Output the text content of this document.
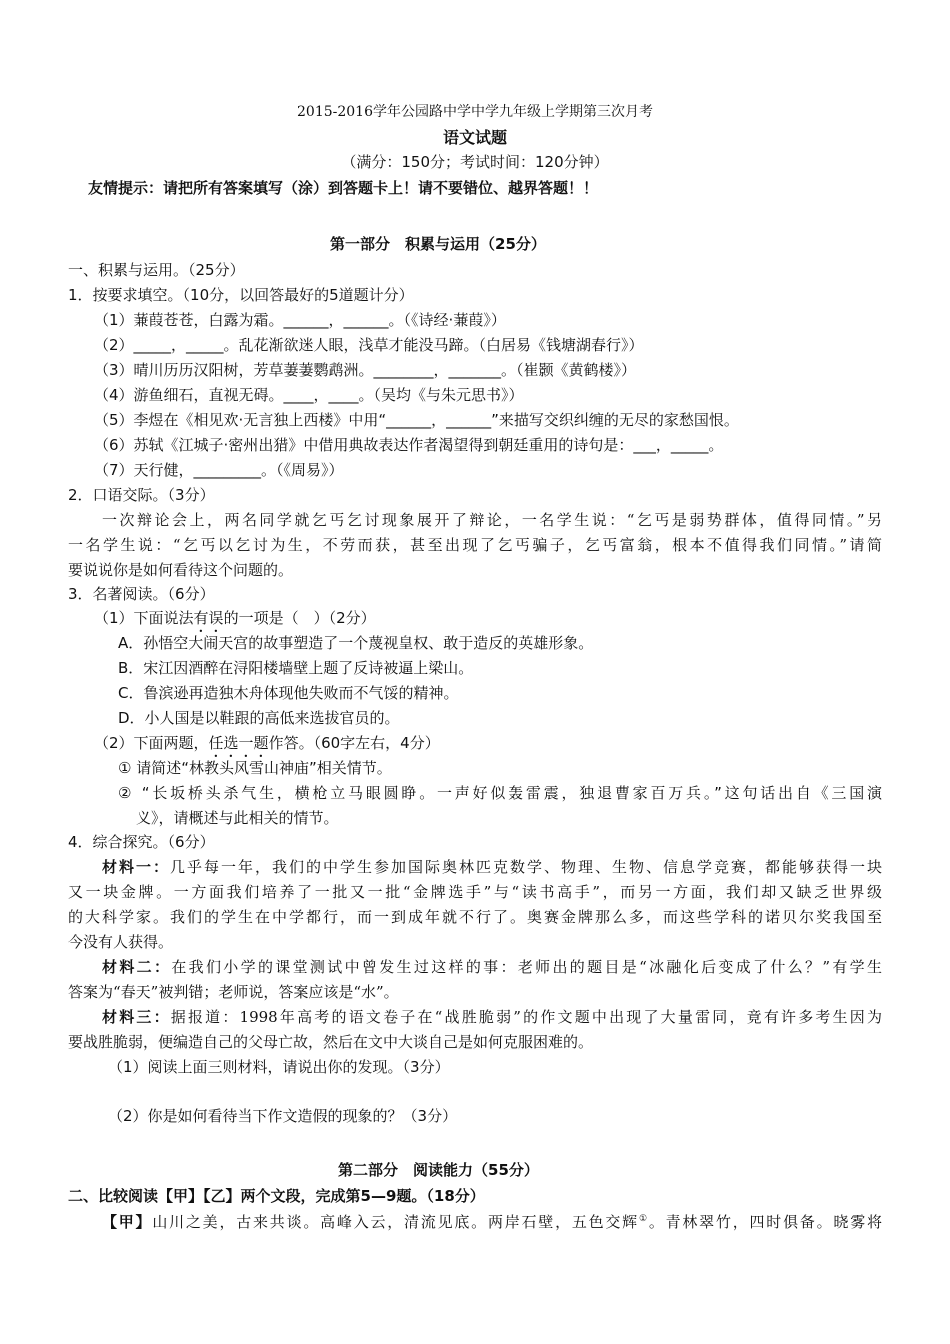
2015-2016学年公园路中学中学九年级上学期第三次月考
语文试题
（满分：150分；考试时间：120分钟）
友情提示：请把所有答案填写（涂）到答题卡上！请不要错位、越界答题！！
第一部分　积累与运用（25分）
一、积累与运用。（25分）
1．按要求填空。（10分，以回答最好的5道题计分）
（1）蒹葭苍苍，白露为霜。______，______。（《诗经·蒹葭》）
（2）_____，_____。乱花渐欲迷人眼，浅草才能没马蹄。（白居易《钱塘湖春行》）
（3）晴川历历汉阳树，芳草萋萋鹦鹉洲。________，_______。（崔颢《黄鹤楼》）
（4）游鱼细石，直视无碍。____，____。（吴均《与朱元思书》）
（5）李煜在《相见欢·无言独上西楼》中用“______，______”来描写交织纠缠的无尽的家愁国恨。
（6）苏轼《江城子·密州出猎》中借用典故表达作者渴望得到朝廷重用的诗句是：___，_____。
（7）天行健，_________。（《周易》）
2．口语交际。（3分）
一次辩论会上，两名同学就乞丐乞讨现象展开了辩论，一名学生说：“乞丐是弱势群体，值得同情。”另
一名学生说：“乞丐以乞讨为生，不劳而获，甚至出现了乞丐骗子，乞丐富翁，根本不值得我们同情。”请简
要说说你是如何看待这个问题的。
3．名著阅读。（6分）
（1）下面说法有误的一项是（　）（2分）
A．孙悟空大闹天宫的故事塑造了一个蔑视皇权、敢于造反的英雄形象。
B．宋江因酒醉在浔阳楼墙壁上题了反诗被逼上梁山。
C．鲁滨逊再造独木舟体现他失败而不气馁的精神。
D．小人国是以鞋跟的高低来选拔官员的。
（2）下面两题，任选一题作答。（60字左右，4分）
① 请简述“林教头风雪山神庙”相关情节。
② “长坂桥头杀气生，横枪立马眼圆睁。一声好似轰雷震，独退曹家百万兵。”这句话出自《三国演
义》，请概述与此相关的情节。
4．综合探究。（6分）
材料一：几乎每一年，我们的中学生参加国际奥林匹克数学、物理、生物、信息学竞赛，都能够获得一块
又一块金牌。一方面我们培养了一批又一批“金牌选手”与“读书高手”，而另一方面，我们却又缺乏世界级
的大科学家。我们的学生在中学都行，而一到成年就不行了。奥赛金牌那么多，而这些学科的诺贝尔奖我国至
今没有人获得。
材料二：在我们小学的课堂测试中曾发生过这样的事：老师出的题目是“冰融化后变成了什么？”有学生
答案为“春天”被判错；老师说，答案应该是“水”。
材料三：据报道：1998年高考的语文卷子在“战胜脆弱”的作文题中出现了大量雷同，竟有许多考生因为
要战胜脆弱，便编造自己的父母亡故，然后在文中大谈自己是如何克服困难的。
（1）阅读上面三则材料，请说出你的发现。（3分）
（2）你是如何看待当下作文造假的现象的？（3分）
第二部分　阅读能力（55分）
二、比较阅读【甲】【乙】两个文段，完成第5—9题。（18分）
【甲】山川之美，古来共谈。高峰入云，清流见底。两岸石壁，五色交辉①。青林翠竹，四时俱备。晓雾将
